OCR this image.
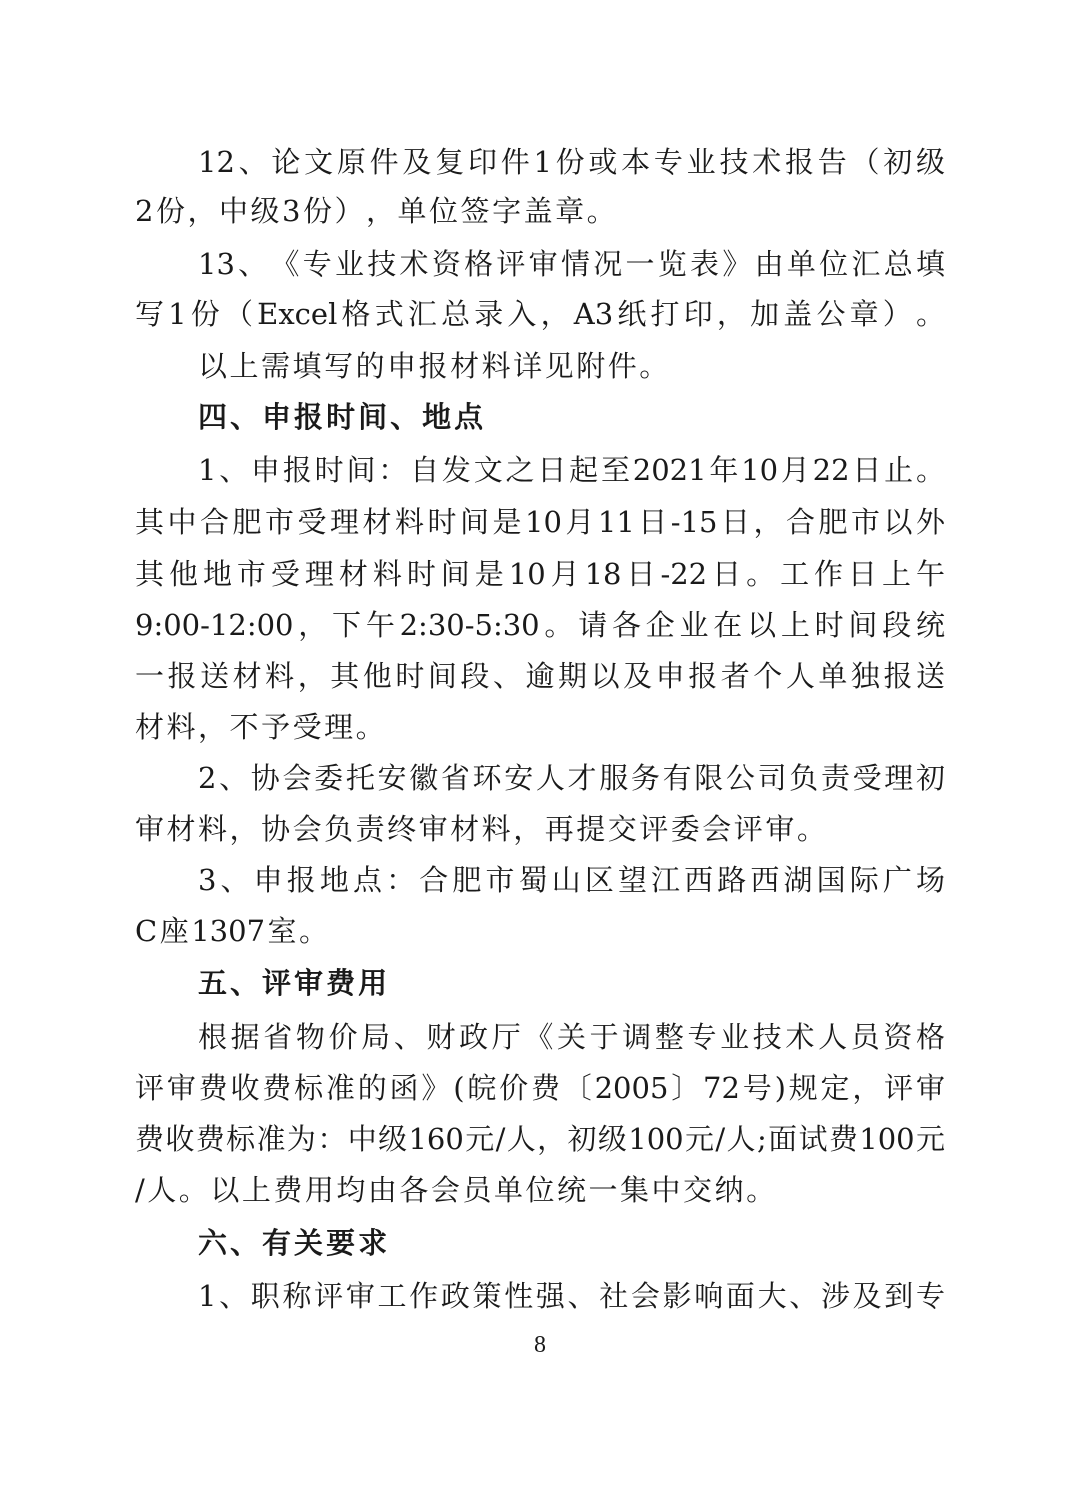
12 、 论 文 原 件 及 复 印 件 1 份 或 本 专 业 技 术 报 告 （ 初 级
2 份 ， 中 级 3 份 ） ， 单 位 签 字 盖 章 。
13 、 《 专 业 技 术 资 格 评 审 情 况 一 览 表 》 由 单 位 汇 总 填
写 1 份 （ Excel 格 式 汇 总 录 入 ， A3 纸 打 印 ， 加 盖 公 章 ） 。
以 上 需 填 写 的 申 报 材 料 详 见 附 件 。
四 、 申 报 时 间 、 地 点
1 、 申 报 时 间 ： 自 发 文 之 日 起 至 2021 年 10 月 22 日 止 。
其 中 合 肥 市 受 理 材 料 时 间 是 10 月 11 日 -15 日 ， 合 肥 市 以 外
其 他 地 市 受 理 材 料 时 间 是 10 月 18 日 -22 日 。 工 作 日 上 午
9:00-12:00 ， 下 午 2:30-5:30 。 请 各 企 业 在 以 上 时 间 段 统
一 报 送 材 料 ， 其 他 时 间 段 、 逾 期 以 及 申 报 者 个 人 单 独 报 送
材 料 ， 不 予 受 理 。
2 、 协 会 委 托 安 徽 省 环 安 人 才 服 务 有 限 公 司 负 责 受 理 初
审 材 料 ， 协 会 负 责 终 审 材 料 ， 再 提 交 评 委 会 评 审 。
3 、 申 报 地 点 ： 合 肥 市 蜀 山 区 望 江 西 路 西 湖 国 际 广 场
C 座 1307 室 。
五 、 评 审 费 用
根 据 省 物 价 局 、 财 政 厅 《 关 于 调 整 专 业 技 术 人 员 资 格
评 审 费 收 费 标 准 的 函 》 ( 皖 价 费 〔 2005 〕 72 号 ) 规 定 ， 评 审
费 收 费 标 准 为 ： 中 级 160 元 / 人 ， 初 级 100 元 / 人 ; 面 试 费 100 元
/ 人 。 以 上 费 用 均 由 各 会 员 单 位 统 一 集 中 交 纳 。
六 、 有 关 要 求
1 、 职 称 评 审 工 作 政 策 性 强 、 社 会 影 响 面 大 、 涉 及 到 专
8
